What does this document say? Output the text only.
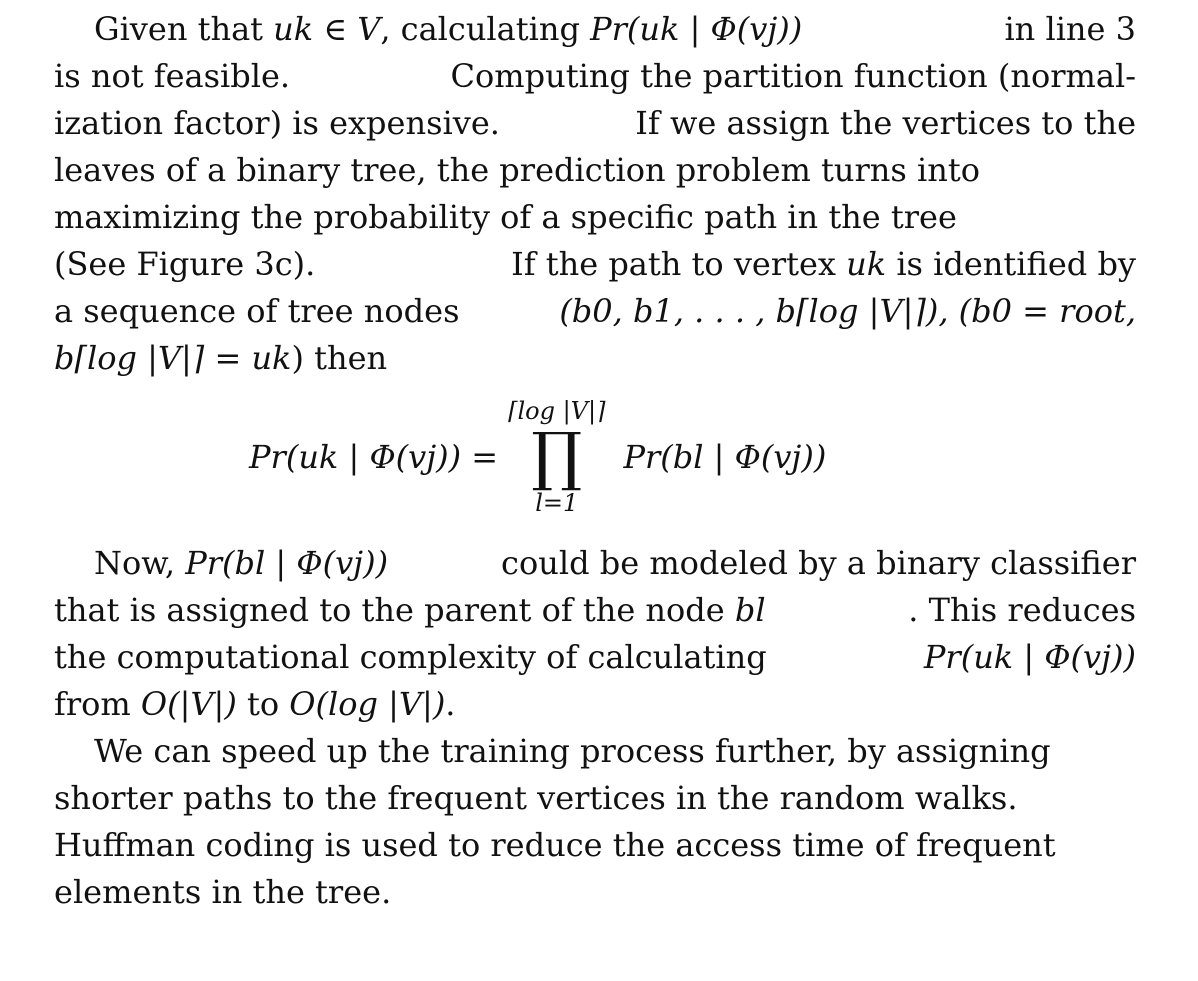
Given that uk ∈ V, calculating Pr(uk | Φ(vj))	in line 3
is not feasible.	Computing the partition function (normal-
ization factor) is expensive.	If we assign the vertices to the
leaves of a binary tree, the prediction problem turns into
maximizing the probability of a specific path in the tree
(See Figure 3c).	If the path to vertex uk is identified by
a sequence of tree nodes	(b0, b1, . . . , b⌈log |V|⌉), (b0 = root,
b⌈log |V|⌉ = uk) then
Pr(uk | Φ(vj)) =
⌈log |V|⌉
∏
l=1
Pr(bl | Φ(vj))
Now, Pr(bl | Φ(vj))	could be modeled by a binary classifier
that is assigned to the parent of the node bl	. This reduces
the computational complexity of calculating	Pr(uk | Φ(vj))
from O(|V|) to O(log |V|).
We can speed up the training process further, by assigning
shorter paths to the frequent vertices in the random walks.
Huffman coding is used to reduce the access time of frequent
elements in the tree.
